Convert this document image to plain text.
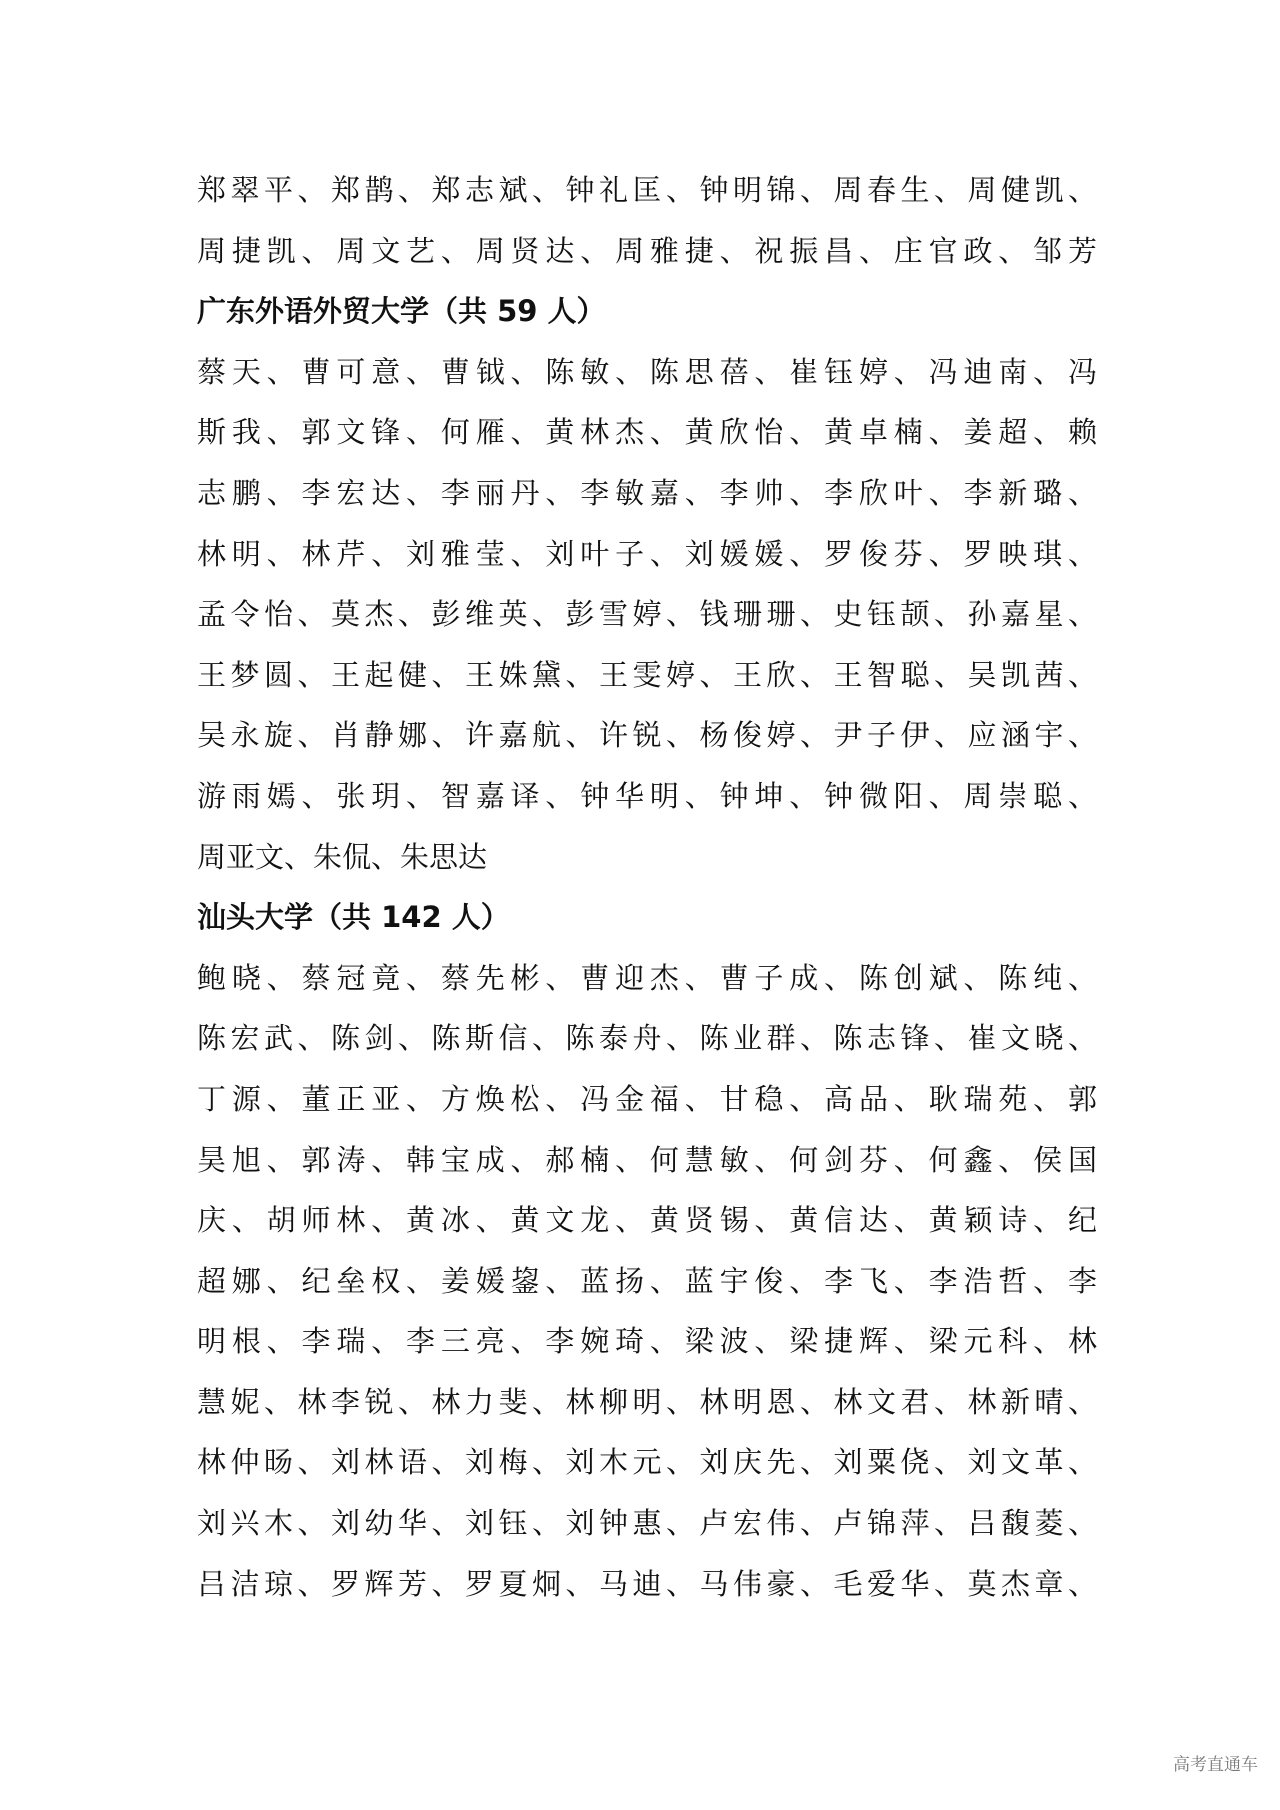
郑翠平、郑鹊、郑志斌、钟礼匡、钟明锦、周春生、周健凯、
周捷凯、周文艺、周贤达、周雅捷、祝振昌、庄官政、邹芳
广东外语外贸大学（共 59 人）
蔡天、曹可意、曹钺、陈敏、陈思蓓、崔钰婷、冯迪南、冯
斯我、郭文锋、何雁、黄林杰、黄欣怡、黄卓楠、姜超、赖
志鹏、李宏达、李丽丹、李敏嘉、李帅、李欣叶、李新璐、
林明、林芹、刘雅莹、刘叶子、刘媛媛、罗俊芬、罗映琪、
孟令怡、莫杰、彭维英、彭雪婷、钱珊珊、史钰颉、孙嘉星、
王梦圆、王起健、王姝黛、王雯婷、王欣、王智聪、吴凯茜、
吴永旋、肖静娜、许嘉航、许锐、杨俊婷、尹子伊、应涵宇、
游雨嫣、张玥、智嘉译、钟华明、钟坤、钟微阳、周崇聪、
周亚文、朱侃、朱思达
汕头大学（共 142 人）
鲍晓、蔡冠竟、蔡先彬、曹迎杰、曹子成、陈创斌、陈纯、
陈宏武、陈剑、陈斯信、陈泰舟、陈业群、陈志锋、崔文晓、
丁源、董正亚、方焕松、冯金福、甘稳、高品、耿瑞苑、郭
昊旭、郭涛、韩宝成、郝楠、何慧敏、何剑芬、何鑫、侯国
庆、胡师林、黄冰、黄文龙、黄贤锡、黄信达、黄颖诗、纪
超娜、纪垒权、姜媛鋆、蓝扬、蓝宇俊、李飞、李浩哲、李
明根、李瑞、李三亮、李婉琦、梁波、梁捷辉、梁元科、林
慧妮、林李锐、林力斐、林柳明、林明恩、林文君、林新晴、
林仲旸、刘林语、刘梅、刘木元、刘庆先、刘粟侥、刘文革、
刘兴木、刘幼华、刘钰、刘钟惠、卢宏伟、卢锦萍、吕馥菱、
吕洁琼、罗辉芳、罗夏炯、马迪、马伟豪、毛爱华、莫杰章、
高考直通车
